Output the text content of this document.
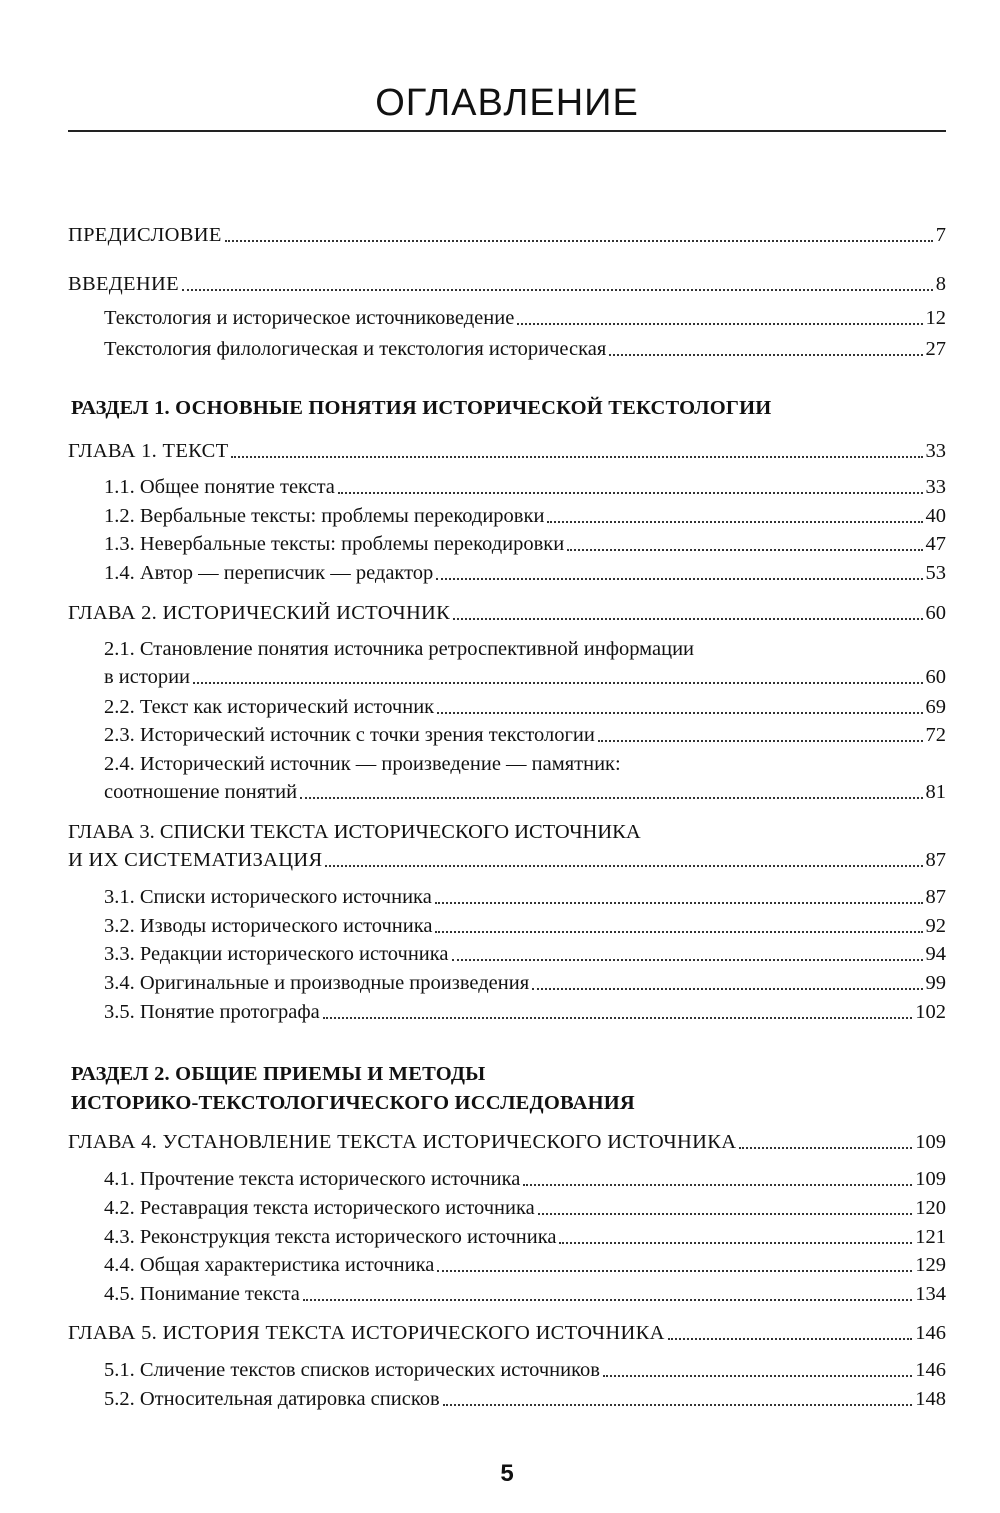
ОГЛАВЛЕНИЕ
ПРЕДИСЛОВИЕ	7
ВВЕДЕНИЕ	8
Текстология и историческое источниковедение	12
Текстология филологическая и текстология историческая	27
РАЗДЕЛ 1. ОСНОВНЫЕ ПОНЯТИЯ ИСТОРИЧЕСКОЙ ТЕКСТОЛОГИИ
ГЛАВА 1. ТЕКСТ	33
1.1. Общее понятие текста	33
1.2. Вербальные тексты: проблемы перекодировки	40
1.3. Невербальные тексты: проблемы перекодировки	47
1.4. Автор — переписчик — редактор	53
ГЛАВА 2. ИСТОРИЧЕСКИЙ ИСТОЧНИК	60
2.1. Становление понятия источника ретроспективной информации
в истории	60
2.2. Текст как исторический источник	69
2.3. Исторический источник с точки зрения текстологии	72
2.4. Исторический источник — произведение — памятник:
соотношение понятий	81
ГЛАВА 3. СПИСКИ ТЕКСТА ИСТОРИЧЕСКОГО ИСТОЧНИКА
И ИХ СИСТЕМАТИЗАЦИЯ	87
3.1. Списки исторического источника	87
3.2. Изводы исторического источника	92
3.3. Редакции исторического источника	94
3.4. Оригинальные и производные произведения	99
3.5. Понятие протографа	102
РАЗДЕЛ 2. ОБЩИЕ ПРИЕМЫ И МЕТОДЫ
ИСТОРИКО-ТЕКСТОЛОГИЧЕСКОГО ИССЛЕДОВАНИЯ
ГЛАВА 4. УСТАНОВЛЕНИЕ ТЕКСТА ИСТОРИЧЕСКОГО ИСТОЧНИКА	109
4.1. Прочтение текста исторического источника	109
4.2. Реставрация текста исторического источника	120
4.3. Реконструкция текста исторического источника	121
4.4. Общая характеристика источника	129
4.5. Понимание текста	134
ГЛАВА 5. ИСТОРИЯ ТЕКСТА ИСТОРИЧЕСКОГО ИСТОЧНИКА	146
5.1. Сличение текстов списков исторических источников	146
5.2. Относительная датировка списков	148
5
